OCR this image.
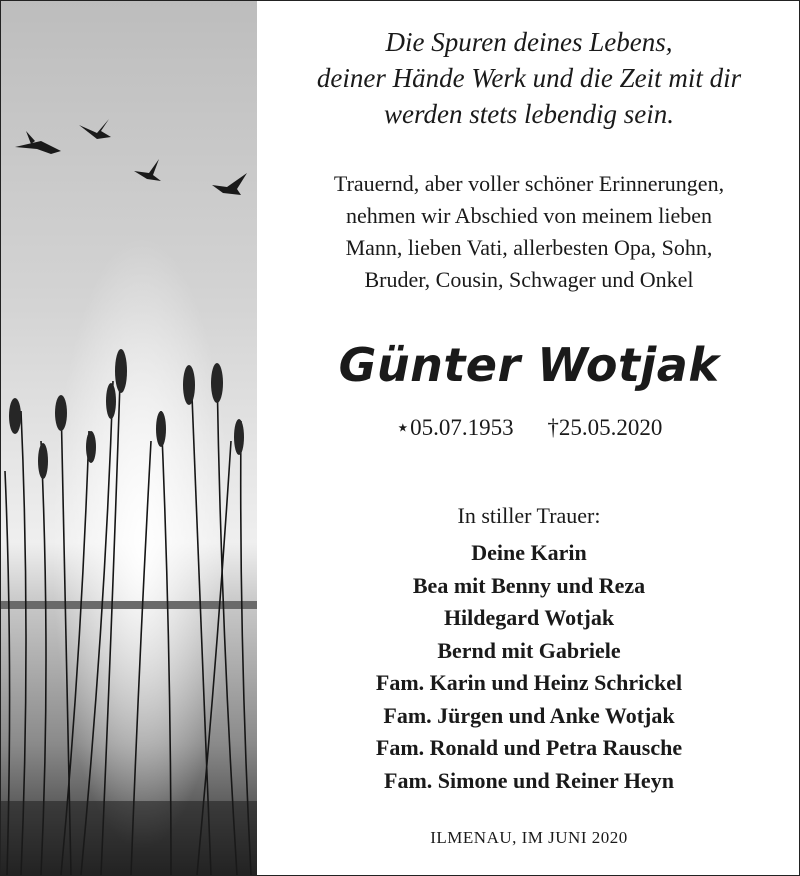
Die Spuren deines Lebens,
deiner Hände Werk und die Zeit mit dir
werden stets lebendig sein.
Trauernd, aber voller schöner Erinnerungen,
nehmen wir Abschied von meinem lieben
Mann, lieben Vati, allerbesten Opa, Sohn,
Bruder, Cousin, Schwager und Onkel
Günter Wotjak
⋆05.07.1953 †25.05.2020
In stiller Trauer:
Deine Karin
Bea mit Benny und Reza
Hildegard Wotjak
Bernd mit Gabriele
Fam. Karin und Heinz Schrickel
Fam. Jürgen und Anke Wotjak
Fam. Ronald und Petra Rausche
Fam. Simone und Reiner Heyn
ILMENAU, IM JUNI 2020
